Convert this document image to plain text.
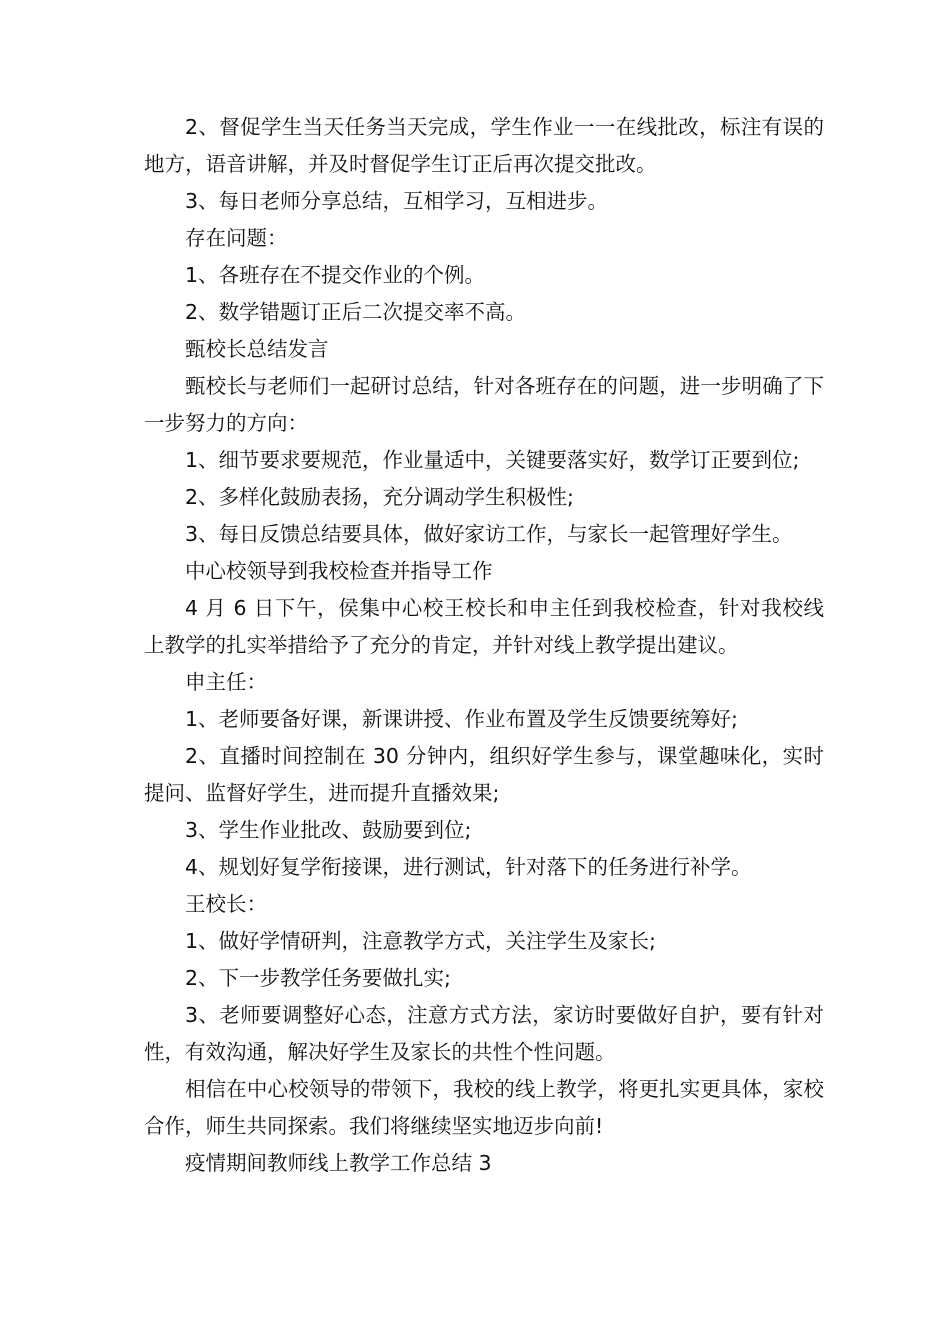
2、督促学生当天任务当天完成，学生作业一一在线批改，标注有误的地方，语音讲解，并及时督促学生订正后再次提交批改。

3、每日老师分享总结，互相学习，互相进步。

存在问题：

1、各班存在不提交作业的个例。

2、数学错题订正后二次提交率不高。

甄校长总结发言

甄校长与老师们一起研讨总结，针对各班存在的问题，进一步明确了下一步努力的方向：

1、细节要求要规范，作业量适中，关键要落实好，数学订正要到位;

2、多样化鼓励表扬，充分调动学生积极性;

3、每日反馈总结要具体，做好家访工作，与家长一起管理好学生。

中心校领导到我校检查并指导工作

4 月 6 日下午，侯集中心校王校长和申主任到我校检查，针对我校线上教学的扎实举措给予了充分的肯定，并针对线上教学提出建议。

申主任：

1、老师要备好课，新课讲授、作业布置及学生反馈要统筹好;

2、直播时间控制在 30 分钟内，组织好学生参与，课堂趣味化，实时提问、监督好学生，进而提升直播效果;

3、学生作业批改、鼓励要到位;

4、规划好复学衔接课，进行测试，针对落下的任务进行补学。

王校长：

1、做好学情研判，注意教学方式，关注学生及家长;

2、下一步教学任务要做扎实;

3、老师要调整好心态，注意方式方法，家访时要做好自护，要有针对性，有效沟通，解决好学生及家长的共性个性问题。

相信在中心校领导的带领下，我校的线上教学，将更扎实更具体，家校合作，师生共同探索。我们将继续坚实地迈步向前!

疫情期间教师线上教学工作总结 3
